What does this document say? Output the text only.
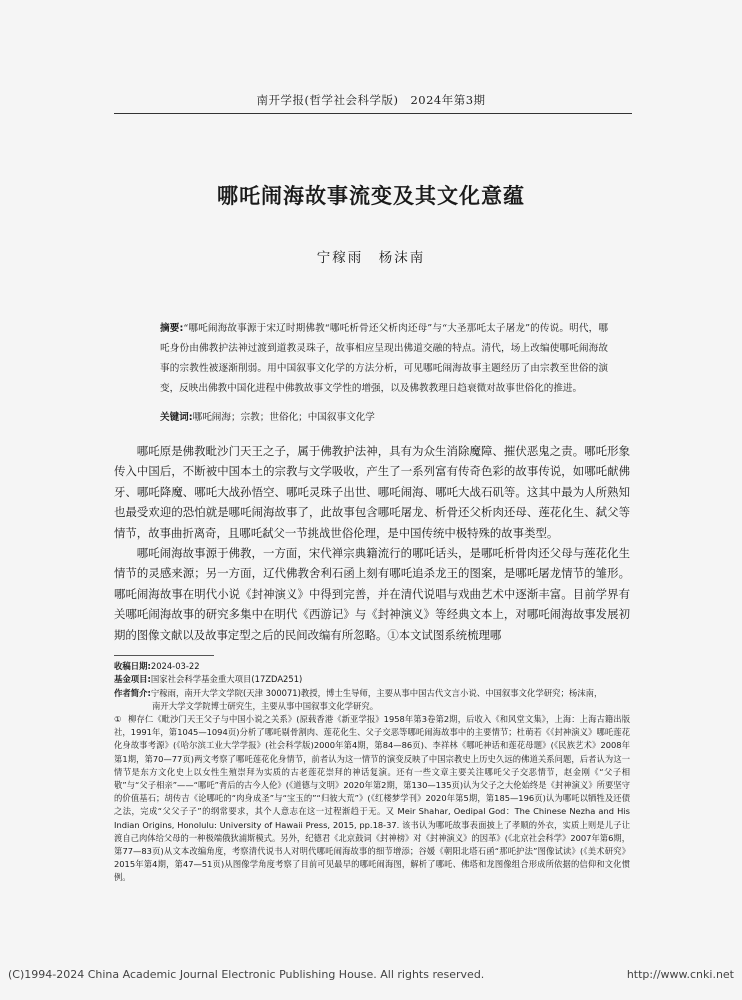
南开学报(哲学社会科学版)　2024年第3期
哪吒闹海故事流变及其文化意蕴
宁稼雨　杨沫南
摘要:“哪吒闹海故事源于宋辽时期佛教“哪吒析骨还父析肉还母”与“大圣那吒太子屠龙”的传说。明代，哪吒身份由佛教护法神过渡到道教灵珠子，故事相应呈现出佛道交融的特点。清代，场上改编使哪吒闹海故事的宗教性被逐渐削弱。用中国叙事文化学的方法分析，可见哪吒闹海故事主题经历了由宗教至世俗的演变，反映出佛教中国化进程中佛教故事文学性的增强，以及佛教教理日趋衰微对故事世俗化的推进。
关键词:哪吒闹海；宗教；世俗化；中国叙事文化学

哪吒原是佛教毗沙门天王之子，属于佛教护法神，具有为众生消除魔障、摧伏恶鬼之责。哪吒形象传入中国后，不断被中国本土的宗教与文学吸收，产生了一系列富有传奇色彩的故事传说，如哪吒献佛牙、哪吒降魔、哪吒大战孙悟空、哪吒灵珠子出世、哪吒闹海、哪吒大战石矶等。这其中最为人所熟知也最受欢迎的恐怕就是哪吒闹海故事了，此故事包含哪吒屠龙、析骨还父析肉还母、莲花化生、弑父等情节，故事曲折离奇，且哪吒弑父一节挑战世俗伦理，是中国传统中极特殊的故事类型。

哪吒闹海故事源于佛教，一方面，宋代禅宗典籍流行的哪吒话头，是哪吒析骨肉还父母与莲花化生情节的灵感来源；另一方面，辽代佛教舍利石函上刻有哪吒追杀龙王的图案，是哪吒屠龙情节的雏形。哪吒闹海故事在明代小说《封神演义》中得到完善，并在清代说唱与戏曲艺术中逐渐丰富。目前学界有关哪吒闹海故事的研究多集中在明代《西游记》与《封神演义》等经典文本上，对哪吒闹海故事发展初期的图像文献以及故事定型之后的民间改编有所忽略。①本文试图系统梳理哪

收稿日期:2024-03-22
基金项目:国家社会科学基金重大项目(17ZDA251)
作者简介:宁稼雨，南开大学文学院(天津 300071)教授，博士生导师，主要从事中国古代文言小说、中国叙事文化学研究；杨沫南，
南开大学文学院博士研究生，主要从事中国叙事文化学研究。
① 柳存仁《毗沙门天王父子与中国小说之关系》(原载香港《新亚学报》1958年第3卷第2期，后收入《和风堂文集》，上海：上海古籍出版社，1991年，第1045—1094页)分析了哪吒剔骨割肉、莲花化生、父子交恶等哪吒闹海故事中的主要情节；杜萌若《《封神演义》哪吒莲花化身故事考源》(《哈尔滨工业大学学报》(社会科学版)2000年第4期，第84—86页)、李祥林《哪吒神话和莲花母题》(《民族艺术》2008年第1期，第70—77页)两文考察了哪吒莲花化身情节，前者认为这一情节的演变反映了中国宗教史上历史久远的佛道关系问题，后者认为这一情节是东方文化史上以女性生殖崇拜为实质的古老莲花崇拜的神话复演。还有一些文章主要关注哪吒父子交恶情节，赵金刚《“父子相敬”与“父子相亲”——“哪吒”背后的古今人伦》(《道德与文明》2020年第2期，第130—135页)认为父子之大伦始终是《封神演义》所要坚守的价值基石；胡传吉《论哪吒的“肉身成圣”与“宝玉的”“归彼大荒”》(《红楼梦学刊》2020年第5期，第185—196页)认为哪吒以牺牲及还债之法，完成“父父子子”的纲常要求，其个人意志在这一过程渐趋于无。又 Meir Shahar, Oedipal God：The Chinese Nezha and His Indian Origins, Honolulu: University of Hawaii Press, 2015, pp.18-37. 该书认为哪吒故事表面披上了孝顺的外衣，实质上则是儿子让渡自己肉体给父母的一种极端俄狄浦斯模式。另外，纪德君《北京鼓词《封神榜》对《封神演义》的因革》(《北京社会科学》2007年第6期，第77—83页)从文本改编角度，考察清代说书人对明代哪吒闹海故事的细节增添；谷媛《朝阳北塔石函“那吒护法”图像试读》(《美术研究》2015年第4期，第47—51页)从图像学角度考察了目前可见最早的哪吒闹海图，解析了哪吒、佛塔和龙图像组合形成所依据的信仰和文化惯例。
(C)1994-2024 China Academic Journal Electronic Publishing House. All rights reserved.	http://www.cnki.net
